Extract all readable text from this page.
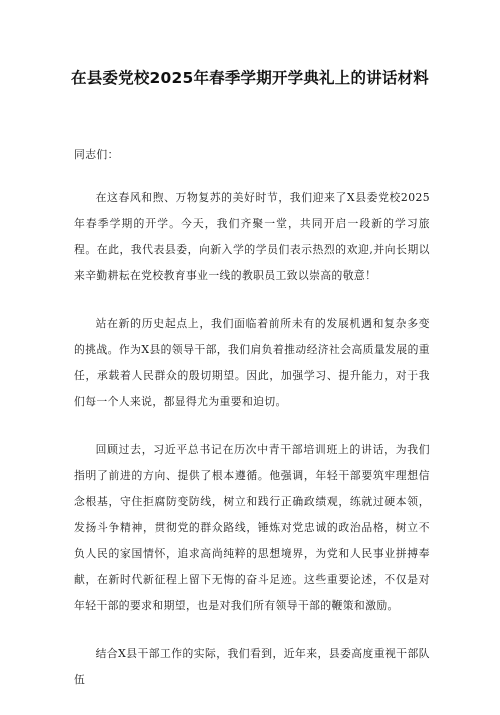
在县委党校2025年春季学期开学典礼上的讲话材料

同志们：

在这春风和煦、万物复苏的美好时节，我们迎来了X县委党校2025年春季学期的开学。今天，我们齐聚一堂，共同开启一段新的学习旅程。在此，我代表县委，向新入学的学员们表示热烈的欢迎,并向长期以来辛勤耕耘在党校教育事业一线的教职员工致以崇高的敬意！

站在新的历史起点上，我们面临着前所未有的发展机遇和复杂多变的挑战。作为X县的领导干部，我们肩负着推动经济社会高质量发展的重任，承载着人民群众的殷切期望。因此，加强学习、提升能力，对于我们每一个人来说，都显得尤为重要和迫切。

回顾过去，习近平总书记在历次中青干部培训班上的讲话，为我们指明了前进的方向、提供了根本遵循。他强调，年轻干部要筑牢理想信念根基，守住拒腐防变防线，树立和践行正确政绩观，练就过硬本领，发扬斗争精神，贯彻党的群众路线，锤炼对党忠诚的政治品格，树立不负人民的家国情怀，追求高尚纯粹的思想境界，为党和人民事业拼搏奉献，在新时代新征程上留下无悔的奋斗足迹。这些重要论述，不仅是对年轻干部的要求和期望，也是对我们所有领导干部的鞭策和激励。

结合X县干部工作的实际，我们看到，近年来，县委高度重视干部队伍
